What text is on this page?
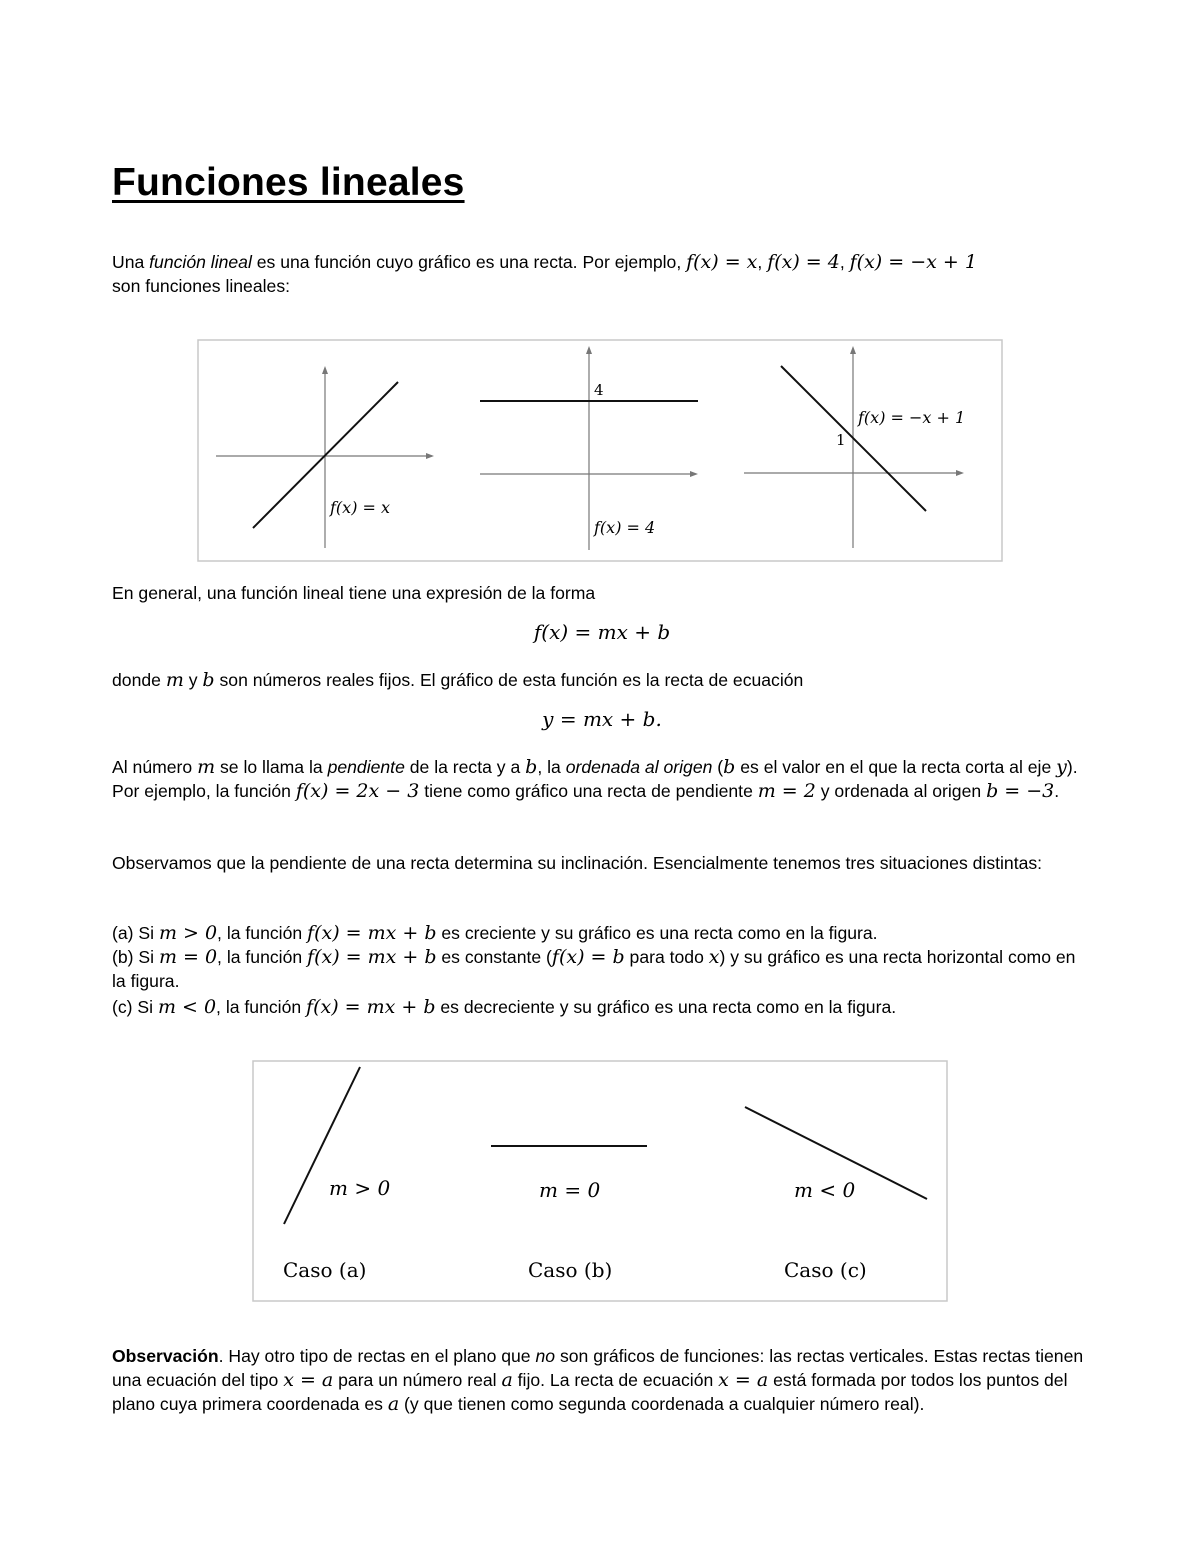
Funciones lineales

Una función lineal es una función cuyo gráfico es una recta. Por ejemplo, f(x) = x, f(x) = 4, f(x) = −x + 1
son funciones lineales:

f(x) = x
4
f(x) = 4
1
f(x) = −x + 1

En general, una función lineal tiene una expresión de la forma

f(x) = mx + b

donde m y b son números reales fijos. El gráfico de esta función es la recta de ecuación

y = mx + b.

Al número m se lo llama la pendiente de la recta y a b, la ordenada al origen (b es el valor en el que la recta corta al eje y). Por ejemplo, la función f(x) = 2x − 3 tiene como gráfico una recta de pendiente m = 2 y ordenada al origen b = −3.

Observamos que la pendiente de una recta determina su inclinación. Esencialmente tenemos tres situaciones distintas:

(a) Si m > 0, la función f(x) = mx + b es creciente y su gráfico es una recta como en la figura.

(b) Si m = 0, la función f(x) = mx + b es constante (f(x) = b para todo x) y su gráfico es una recta horizontal como en la figura.

(c) Si m < 0, la función f(x) = mx + b es decreciente y su gráfico es una recta como en la figura.

m > 0	m = 0	m < 0
Caso (a)	Caso (b)	Caso (c)

Observación. Hay otro tipo de rectas en el plano que no son gráficos de funciones: las rectas verticales. Estas rectas tienen una ecuación del tipo x = a para un número real a fijo. La recta de ecuación x = a está formada por todos los puntos del plano cuya primera coordenada es a (y que tienen como segunda coordenada a cualquier número real).
